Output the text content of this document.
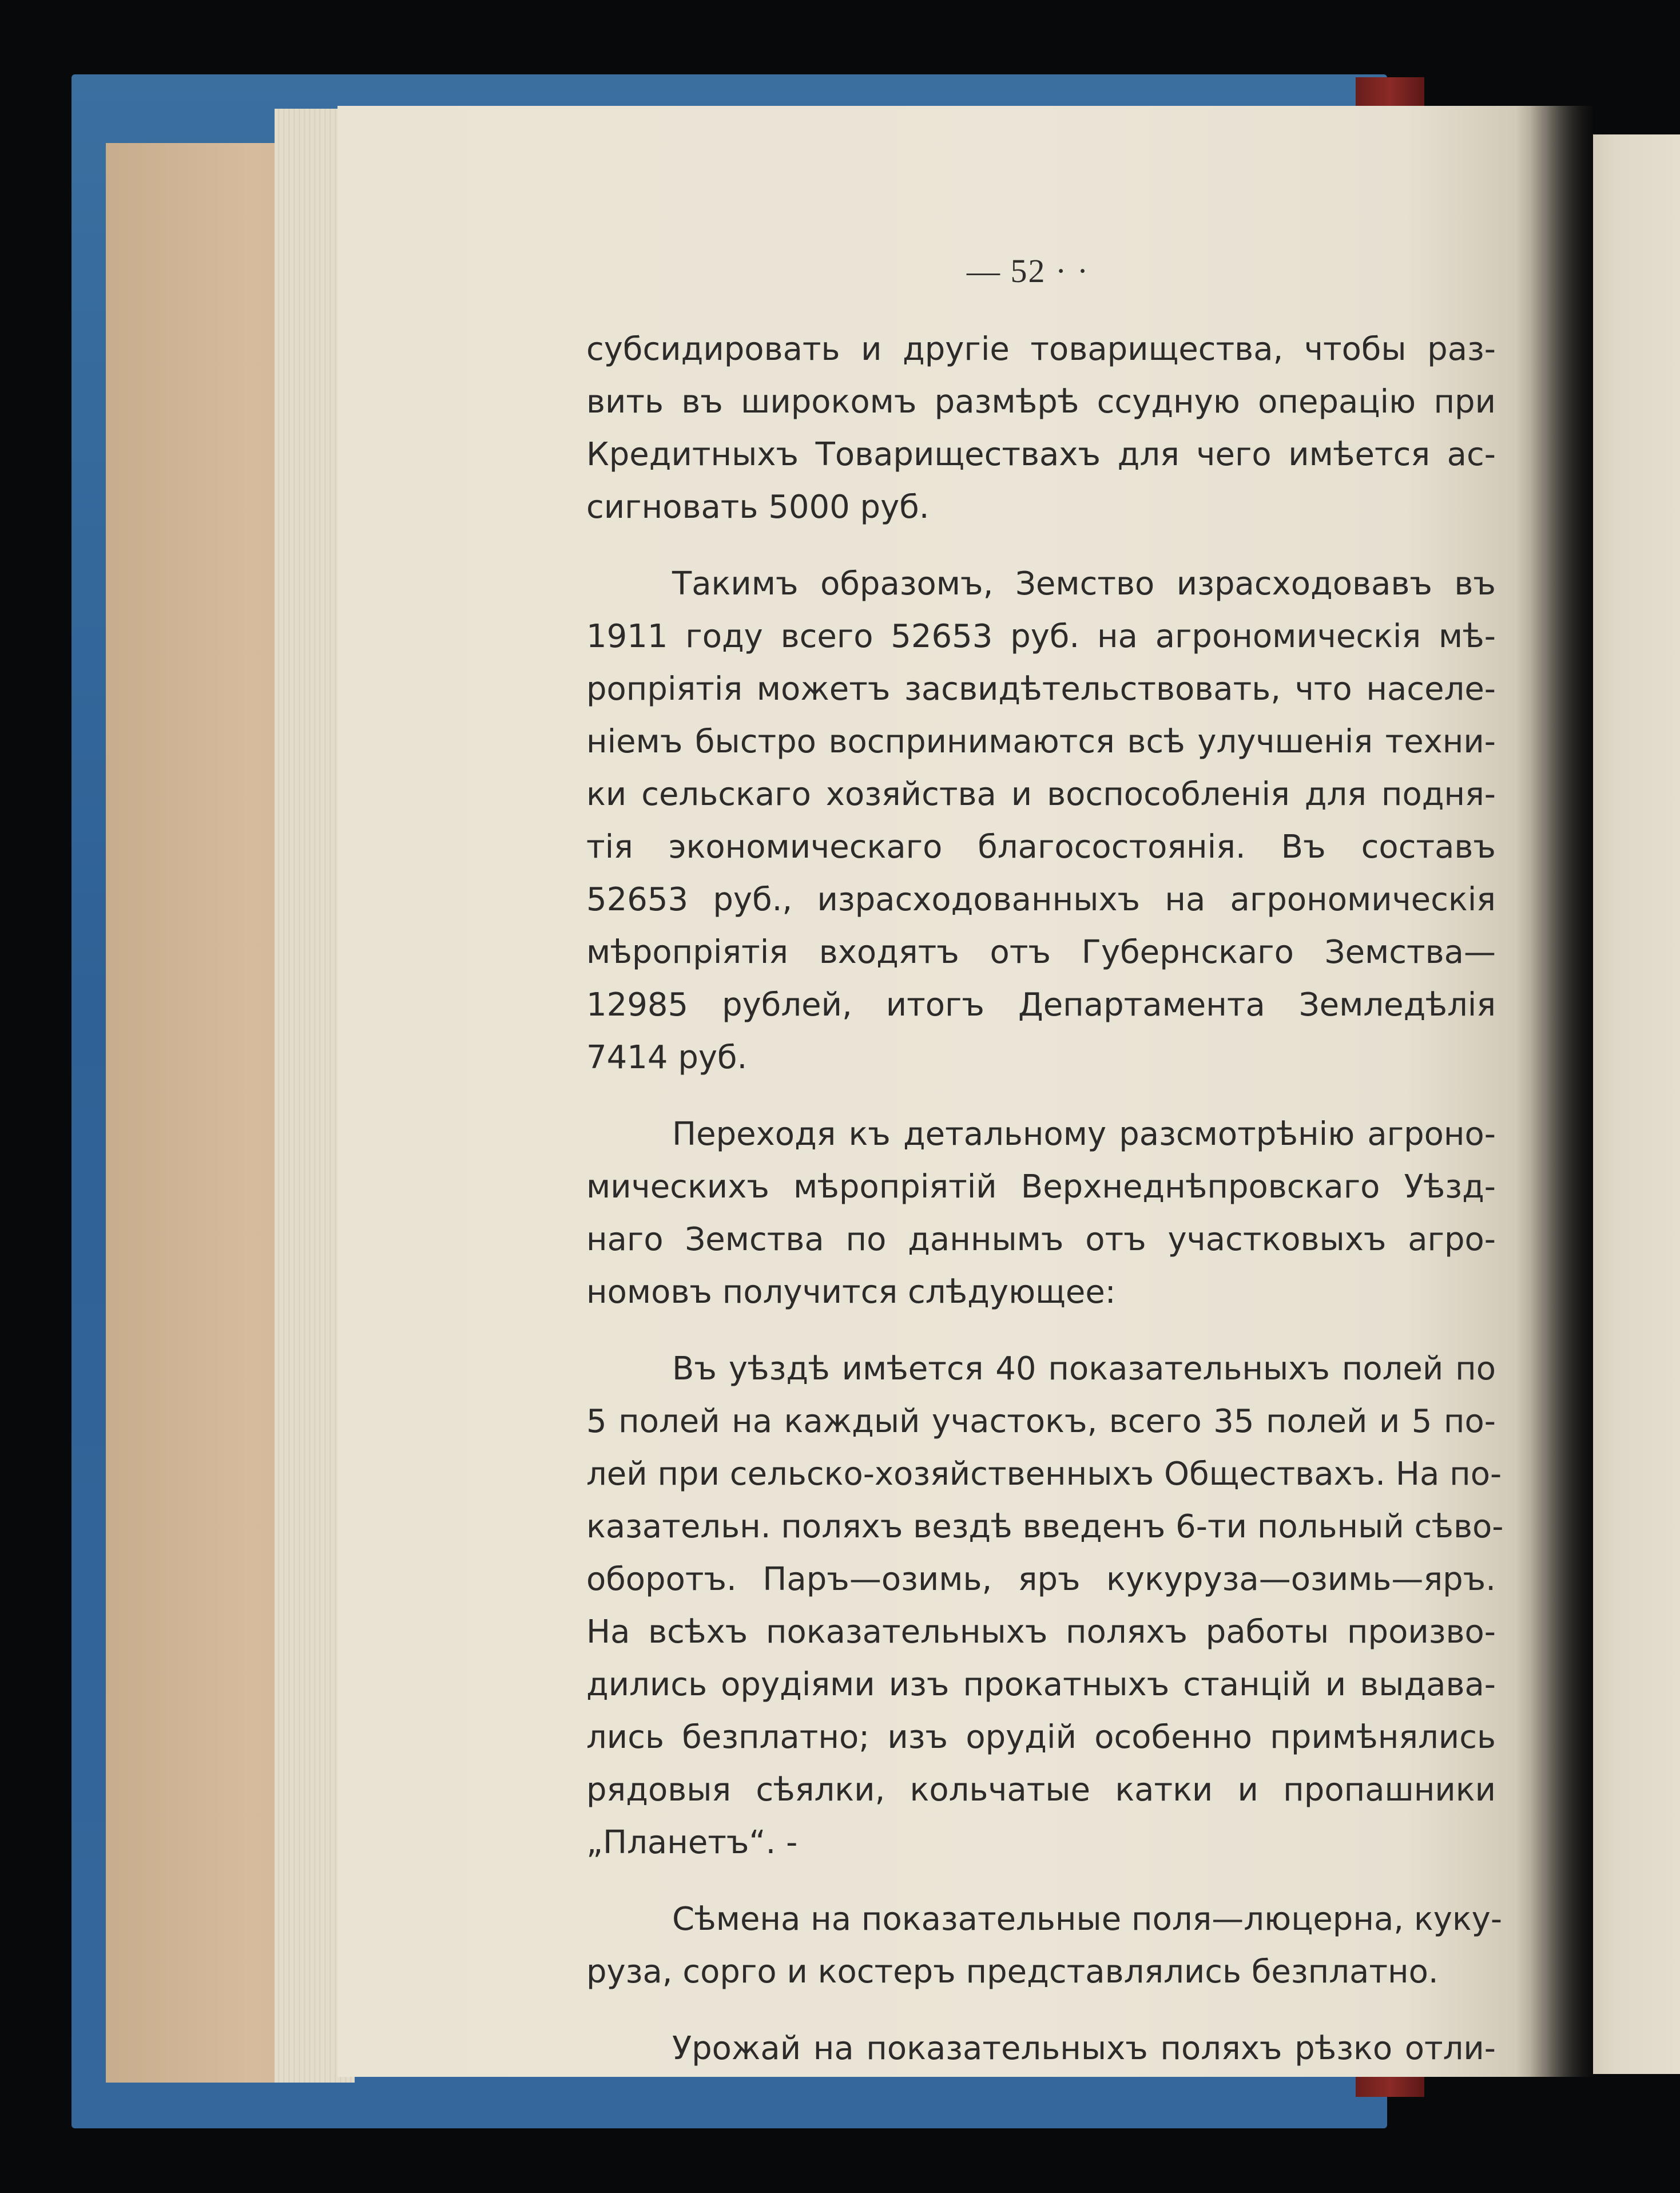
— 52 · ·
субсидировать и другіе товарищества, чтобы раз-
вить въ широкомъ размѣрѣ ссудную операцію при
Кредитныхъ Товариществахъ для чего имѣется ас-
сигновать 5000 руб.
Такимъ образомъ, Земство израсходовавъ въ
1911 году всего 52653 руб. на агрономическія мѣ-
ропріятія можетъ засвидѣтельствовать, что населе-
ніемъ быстро воспринимаются всѣ улучшенія техни-
ки сельскаго хозяйства и воспособленія для подня-
тія экономическаго благосостоянія. Въ составъ
52653 руб., израсходованныхъ на агрономическія
мѣропріятія входятъ отъ Губернскаго Земства—
12985 рублей, итогъ Департамента Земледѣлія
7414 руб.
Переходя къ детальному разсмотрѣнію агроно-
мическихъ мѣропріятій Верхнеднѣпровскаго Уѣзд-
наго Земства по даннымъ отъ участковыхъ агро-
номовъ получится слѣдующее:
Въ уѣздѣ имѣется 40 показательныхъ полей по
5 полей на каждый участокъ, всего 35 полей и 5 по-
лей при сельско-хозяйственныхъ Обществахъ. На по-
казательн. поляхъ вездѣ введенъ 6-ти польный сѣво-
оборотъ. Паръ—озимь, яръ кукуруза—озимь—яръ.
На всѣхъ показательныхъ поляхъ работы произво-
дились орудіями изъ прокатныхъ станцій и выдава-
лись безплатно; изъ орудій особенно примѣнялись
рядовыя сѣялки, кольчатые катки и пропашники
„Планетъ“. -
Сѣмена на показательные поля—люцерна, куку-
руза, сорго и костеръ представлялись безплатно.
Урожай на показательныхъ поляхъ рѣзко отли-
